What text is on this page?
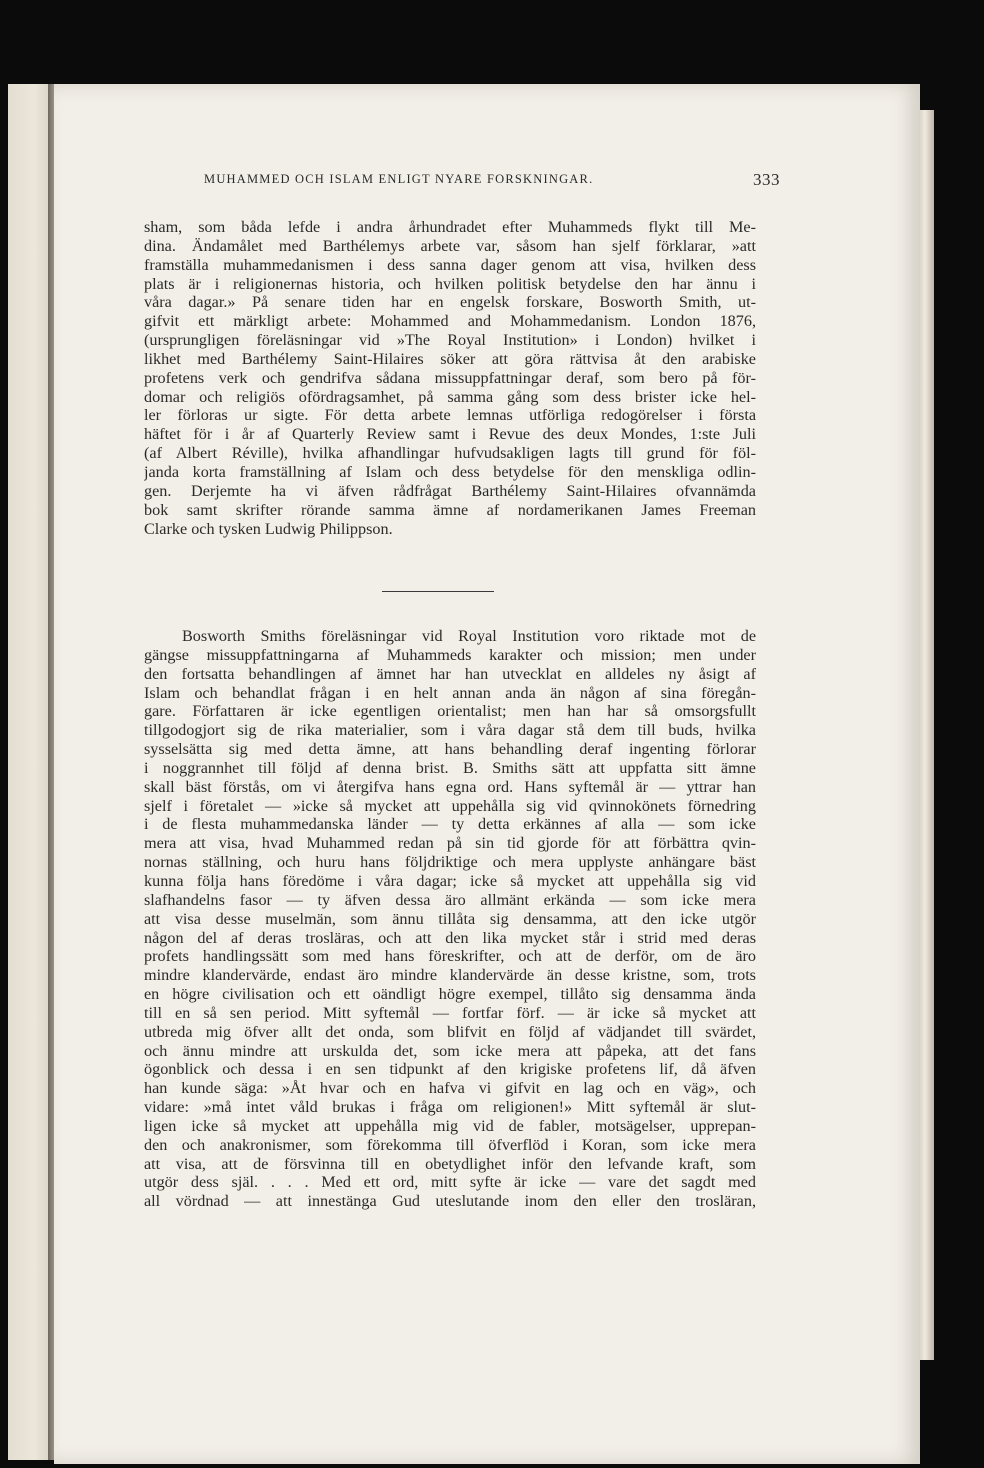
MUHAMMED OCH ISLAM ENLIGT NYARE FORSKNINGAR.	333
sham, som båda lefde i andra århundradet efter Muhammeds flykt till Me-
dina. Ändamålet med Barthélemys arbete var, såsom han sjelf förklarar, »att
framställa muhammedanismen i dess sanna dager genom att visa, hvilken dess
plats är i religionernas historia, och hvilken politisk betydelse den har ännu i
våra dagar.» På senare tiden har en engelsk forskare, Bosworth Smith, ut-
gifvit ett märkligt arbete: Mohammed and Mohammedanism. London 1876,
(ursprungligen föreläsningar vid »The Royal Institution» i London) hvilket i
likhet med Barthélemy Saint-Hilaires söker att göra rättvisa åt den arabiske
profetens verk och gendrifva sådana missuppfattningar deraf, som bero på för-
domar och religiös ofördragsamhet, på samma gång som dess brister icke hel-
ler förloras ur sigte. För detta arbete lemnas utförliga redogörelser i första
häftet för i år af Quarterly Review samt i Revue des deux Mondes, 1:ste Juli
(af Albert Réville), hvilka afhandlingar hufvudsakligen lagts till grund för föl-
janda korta framställning af Islam och dess betydelse för den menskliga odlin-
gen. Derjemte ha vi äfven rådfrågat Barthélemy Saint-Hilaires ofvannämda
bok samt skrifter rörande samma ämne af nordamerikanen James Freeman
Clarke och tysken Ludwig Philippson.
Bosworth Smiths föreläsningar vid Royal Institution voro riktade mot de
gängse missuppfattningarna af Muhammeds karakter och mission; men under
den fortsatta behandlingen af ämnet har han utvecklat en alldeles ny åsigt af
Islam och behandlat frågan i en helt annan anda än någon af sina föregån-
gare. Författaren är icke egentligen orientalist; men han har så omsorgsfullt
tillgodogjort sig de rika materialier, som i våra dagar stå dem till buds, hvilka
sysselsätta sig med detta ämne, att hans behandling deraf ingenting förlorar
i noggrannhet till följd af denna brist. B. Smiths sätt att uppfatta sitt ämne
skall bäst förstås, om vi återgifva hans egna ord. Hans syftemål är — yttrar han
sjelf i företalet — »icke så mycket att uppehålla sig vid qvinnokönets förnedring
i de flesta muhammedanska länder — ty detta erkännes af alla — som icke
mera att visa, hvad Muhammed redan på sin tid gjorde för att förbättra qvin-
nornas ställning, och huru hans följdriktige och mera upplyste anhängare bäst
kunna följa hans föredöme i våra dagar; icke så mycket att uppehålla sig vid
slafhandelns fasor — ty äfven dessa äro allmänt erkända — som icke mera
att visa desse muselmän, som ännu tillåta sig densamma, att den icke utgör
någon del af deras trosläras, och att den lika mycket står i strid med deras
profets handlingssätt som med hans föreskrifter, och att de derför, om de äro
mindre klandervärde, endast äro mindre klandervärde än desse kristne, som, trots
en högre civilisation och ett oändligt högre exempel, tillåto sig densamma ända
till en så sen period. Mitt syftemål — fortfar förf. — är icke så mycket att
utbreda mig öfver allt det onda, som blifvit en följd af vädjandet till svärdet,
och ännu mindre att urskulda det, som icke mera att påpeka, att det fans
ögonblick och dessa i en sen tidpunkt af den krigiske profetens lif, då äfven
han kunde säga: »Åt hvar och en hafva vi gifvit en lag och en väg», och
vidare: »må intet våld brukas i fråga om religionen!» Mitt syftemål är slut-
ligen icke så mycket att uppehålla mig vid de fabler, motsägelser, upprepan-
den och anakronismer, som förekomma till öfverflöd i Koran, som icke mera
att visa, att de försvinna till en obetydlighet inför den lefvande kraft, som
utgör dess själ. . . . Med ett ord, mitt syfte är icke — vare det sagdt med
all vördnad — att innestänga Gud uteslutande inom den eller den trosläran,
